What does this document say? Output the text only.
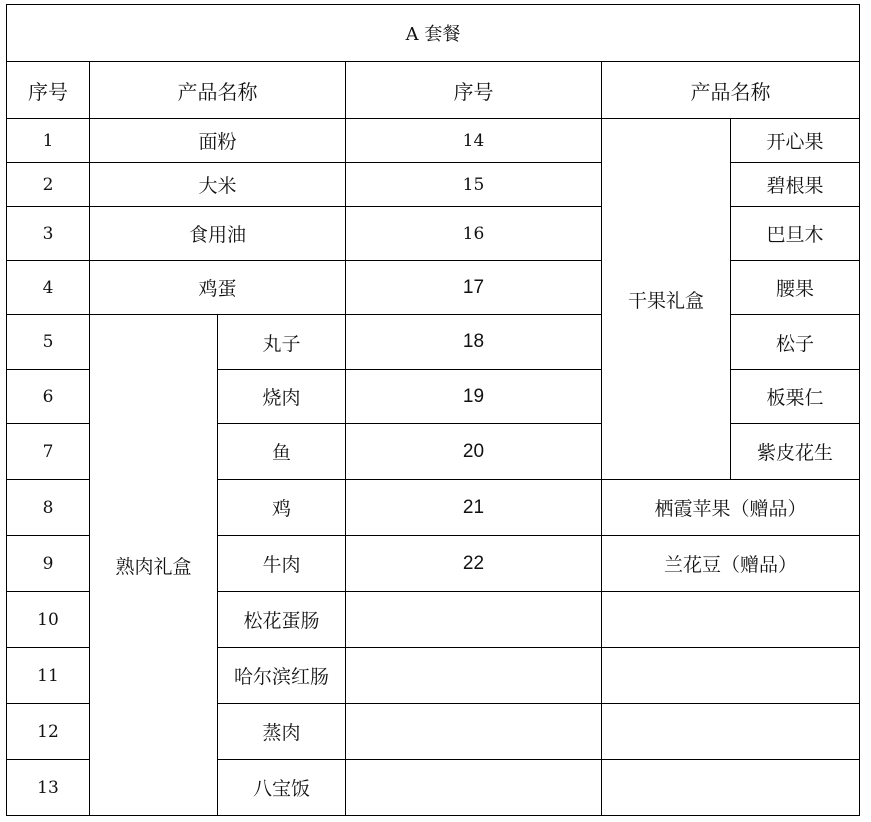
A 套餐					
序号	产品名称		序号	产品名称	
1	面粉		14	干果礼盒	开心果
2	大米		15		碧根果
3	食用油		16		巴旦木
4	鸡蛋		17		腰果
5	熟肉礼盒	丸子	18		松子
6		烧肉	19		板栗仁
7		鱼	20		紫皮花生
8		鸡	21	栖霞苹果（赠品）	
9		牛肉	22	兰花豆（赠品）	
10		松花蛋肠			
11		哈尔滨红肠			
12		蒸肉			
13		八宝饭			
